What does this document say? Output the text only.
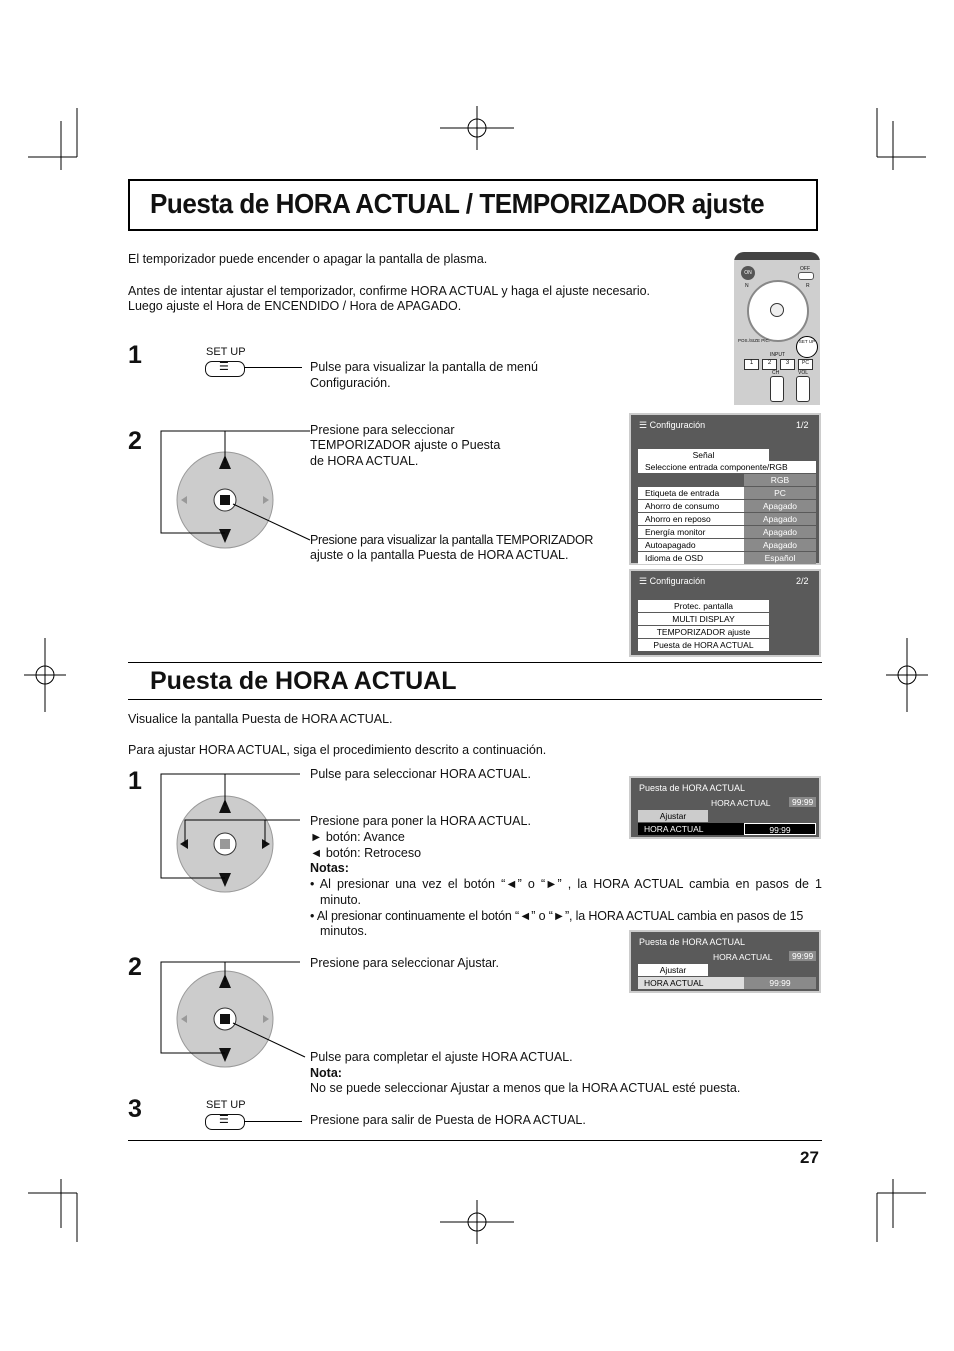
Puesta de HORA ACTUAL / TEMPORIZADOR ajuste
El temporizador puede encender o apagar la pantalla de plasma.
Antes de intentar ajustar el temporizador, confirme HORA ACTUAL y haga el ajuste necesario.
Luego ajuste el Hora de ENCENDIDO / Hora de APAGADO.
ON
OFF
N	R
POS./SIZE PIC.	SET UP
INPUT
1	2	3	PC
CH	VOL
1	SET UP
☰
Pulse para visualizar la pantalla de menú
Configuración.
2	Presione para seleccionar
TEMPORIZADOR ajuste o Puesta
de HORA ACTUAL.
Presione para visualizar la pantalla TEMPORIZADOR
ajuste o la pantalla Puesta de HORA ACTUAL.
☰ Configuración	1/2
Señal
Seleccione entrada componente/RGB
RGB
Etiqueta de entrada	PC
Ahorro de consumo	Apagado
Ahorro en reposo	Apagado
Energía monitor	Apagado
Autoapagado	Apagado
Idioma de OSD	Español
☰ Configuración	2/2
Protec. pantalla
MULTI DISPLAY
TEMPORIZADOR ajuste
Puesta de HORA ACTUAL
Puesta de HORA ACTUAL
Visualice la pantalla Puesta de HORA ACTUAL.
Para ajustar HORA ACTUAL, siga el procedimiento descrito a continuación.
1	Pulse para seleccionar HORA ACTUAL.
Presione para poner la HORA ACTUAL.
► botón: Avance
◄ botón: Retroceso
Notas:
• Al presionar una vez el botón “◄” o “►” , la HORA ACTUAL cambia en pasos de 1
minuto.
• Al presionar continuamente el botón “◄” o “►”, la HORA ACTUAL cambia en pasos de 15
minutos.
Puesta de HORA ACTUAL
HORA ACTUAL	99:99
Ajustar
HORA ACTUAL	99:99
2	Presione para seleccionar Ajustar.
Pulse para completar el ajuste HORA ACTUAL.
Nota:
No se puede seleccionar Ajustar a menos que la HORA ACTUAL esté puesta.
Puesta de HORA ACTUAL
HORA ACTUAL	99:99
Ajustar
HORA ACTUAL	99:99
3	SET UP
☰
Presione para salir de Puesta de HORA ACTUAL.
27
